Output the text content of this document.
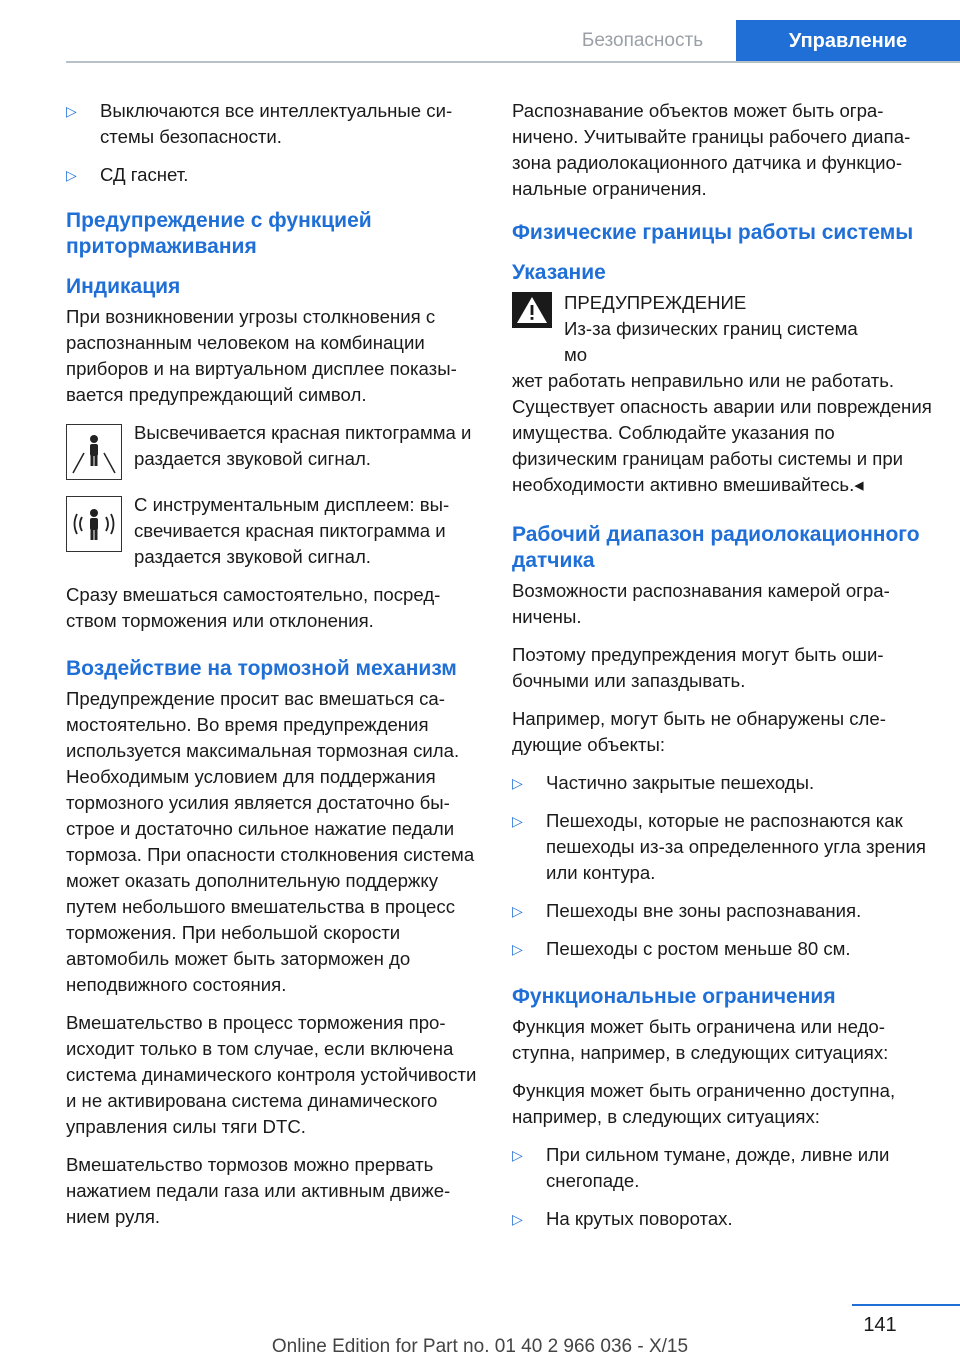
Безопасность	Управление
▷ Выключаются все интеллектуальные системы безопасности.
▷ СД гаснет.
Предупреждение с функцией притормаживания
Индикация

При возникновении угрозы столкновения с распознанным человеком на комбинации приборов и на виртуальном дисплее показывается предупреждающий символ.

Высвечивается красная пиктограмма и раздается звуковой сигнал.
С инструментальным дисплеем: высвечивается красная пиктограмма и раздается звуковой сигнал.

Сразу вмешаться самостоятельно, посредством торможения или отклонения.

Воздействие на тормозной механизм

Предупреждение просит вас вмешаться самостоятельно. Во время предупреждения используется максимальная тормозная сила. Необходимым условием для поддержания тормозного усилия является достаточно быстрое и достаточно сильное нажатие педали тормоза. При опасности столкновения система может оказать дополнительную поддержку путем небольшого вмешательства в процесс торможения. При небольшой скорости автомобиль может быть заторможен до неподвижного состояния.

Вмешательство в процесс торможения происходит только в том случае, если включена система динамического контроля устойчивости и не активирована система динамического управления силы тяги DTC.

Вмешательство тормозов можно прервать нажатием педали газа или активным движением руля.

Распознавание объектов может быть ограничено. Учитывайте границы рабочего диапазона радиолокационного датчика и функциональные ограничения.

Физические границы работы системы
Указание
ПРЕДУПРЕЖДЕНИЕ
Из-за физических границ система мо

жет работать неправильно или не работать. Существует опасность аварии или повреждения имущества. Соблюдайте указания по физическим границам работы системы и при необходимости активно вмешивайтесь.◂

Рабочий диапазон радиолокационного датчика

Возможности распознавания камерой ограничены.

Поэтому предупреждения могут быть ошибочными или запаздывать.

Например, могут быть не обнаружены следующие объекты:

▷ Частично закрытые пешеходы.
▷ Пешеходы, которые не распознаются как пешеходы из-за определенного угла зрения или контура.
▷ Пешеходы вне зоны распознавания.
▷ Пешеходы с ростом меньше 80 см.
Функциональные ограничения

Функция может быть ограничена или недоступна, например, в следующих ситуациях:

Функция может быть ограниченно доступна, например, в следующих ситуациях:

▷ При сильном тумане, дожде, ливне или снегопаде.
▷ На крутых поворотах.
141
Online Edition for Part no. 01 40 2 966 036 - X/15
